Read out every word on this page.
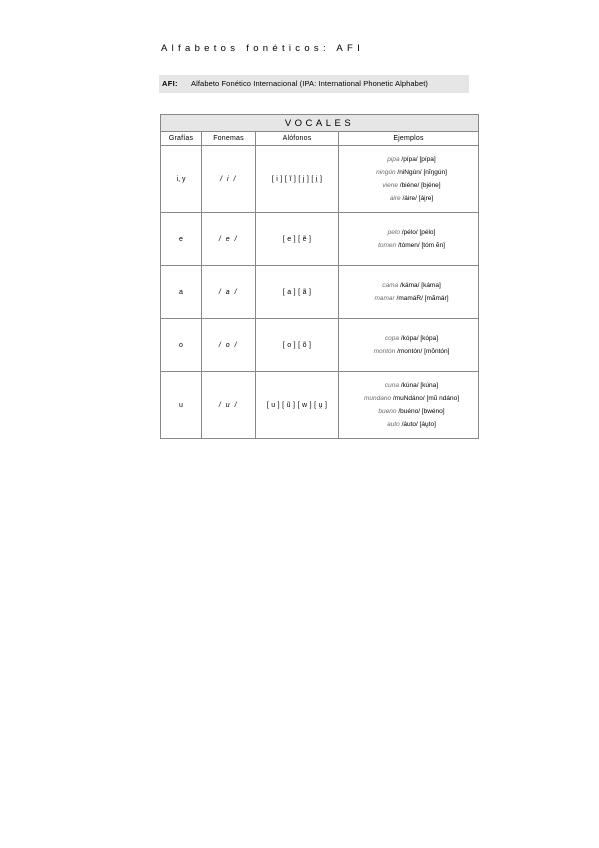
Alfabetos fonéticos: AFI
AFI: Alfabeto Fonético Internacional (IPA: International Phonetic Alphabet)
VOCALES			
Grafías	Fonemas	Alófonos	Ejemplos
i, y	/ i /	[ i ] [ ĩ ] [ j ] [ i̯ ]	pipa /pípa/ [pípa]
ningún /niNgún/ [nĩŋgún]
viene /biéne/ [bjéne]
aire /áire/ [ái̯re]

e	/ e /	[ e ] [ ẽ ]	pelo /pélo/ [pélo]
tomen /tómen/ [tóm ẽn]

a	/ a /	[ a ] [ ã ]	cama /káma/ [káma]
mamar /mamáR/ [mãmár]

o	/ o /	[ o ] [ õ ]	copa /kópa/ [kópa]
montón /montón/ [mõntón]

u	/ u /	[ u ] [ ũ ] [ w ] [ u̯ ]	cuna /kúna/ [kúna]
mundano /muNdáno/ [mũ ndáno]
bueno /buéno/ [bwéno]
auto /áuto/ [áu̯to]
